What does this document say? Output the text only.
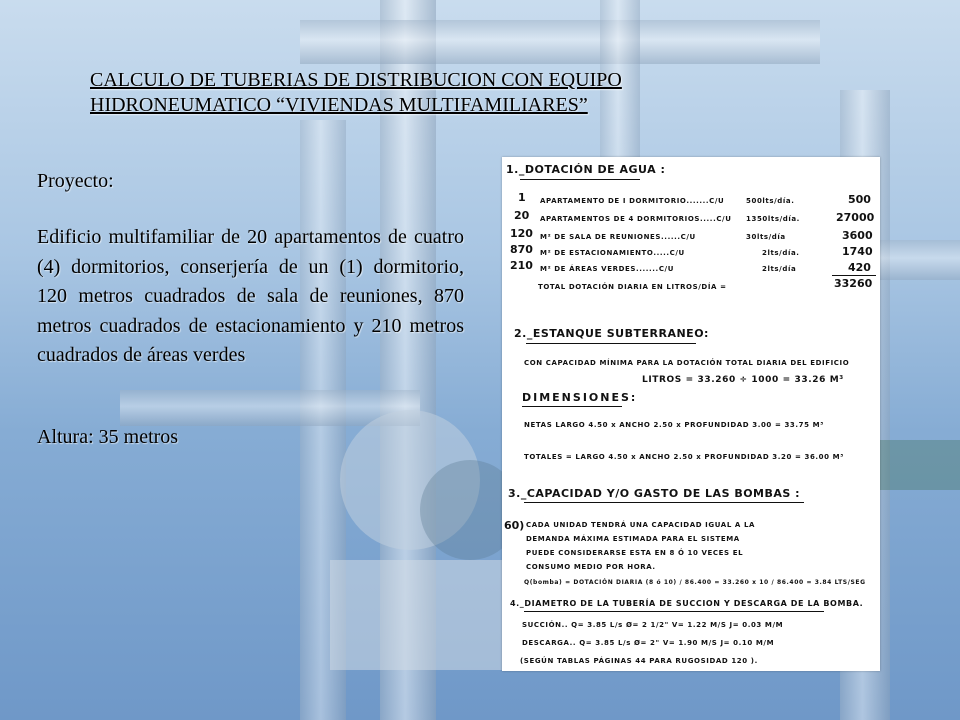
CALCULO DE TUBERIAS DE DISTRIBUCION CON EQUIPO
HIDRONEUMATICO “VIVIENDAS MULTIFAMILIARES”
Proyecto:

Edificio multifamiliar de 20 apartamentos de cuatro (4) dormitorios, conserjería de un (1) dormitorio, 120 metros cuadrados de sala de reuniones, 870 metros cuadrados de estacionamiento y 210 metros cuadrados de áreas verdes

Altura: 35 metros
1._DOTACIÓN DE AGUA :
1 APARTAMENTO DE I DORMITORIO.......C/U	500lts/día.	500
20 APARTAMENTOS DE 4 DORMITORIOS.....C/U 1350lts/día.	27000
120 M² DE SALA DE REUNIONES......C/U	30lts/día	3600
870 M² DE ESTACIONAMIENTO.....C/U	2lts/día.	1740
210 M² DE ÁREAS VERDES.......C/U	2lts/día	420
TOTAL DOTACIÓN DIARIA EN LITROS/DÍA =	33260
2._ESTANQUE SUBTERRANEO:
CON CAPACIDAD MÍNIMA PARA LA DOTACIÓN TOTAL DIARIA DEL EDIFICIO
LITROS = 33.260 ÷ 1000 = 33.26 M³
DIMENSIONES:
NETAS LARGO 4.50 x ANCHO 2.50 x PROFUNDIDAD 3.00 = 33.75 M³
TOTALES = LARGO 4.50 x ANCHO 2.50 x PROFUNDIDAD 3.20 = 36.00 M³
3._CAPACIDAD Y/O GASTO DE LAS BOMBAS :
60) CADA UNIDAD TENDRÁ UNA CAPACIDAD IGUAL A LA
DEMANDA MÁXIMA ESTIMADA PARA EL SISTEMA
PUEDE CONSIDERARSE ESTA EN 8 Ó 10 VECES EL
CONSUMO MEDIO POR HORA.
Q(bomba) = DOTACIÓN DIARIA (8 ó 10) / 86.400 = 33.260 x 10 / 86.400 = 3.84 LTS/SEG
4._DIAMETRO DE LA TUBERÍA DE SUCCION Y DESCARGA DE LA BOMBA.
SUCCIÓN.. Q= 3.85 L/s Ø= 2 1/2" V= 1.22 M/S J= 0.03 M/M
DESCARGA.. Q= 3.85 L/s Ø= 2" V= 1.90 M/S J= 0.10 M/M
(SEGÚN TABLAS PÁGINAS 44 PARA RUGOSIDAD 120 ).
